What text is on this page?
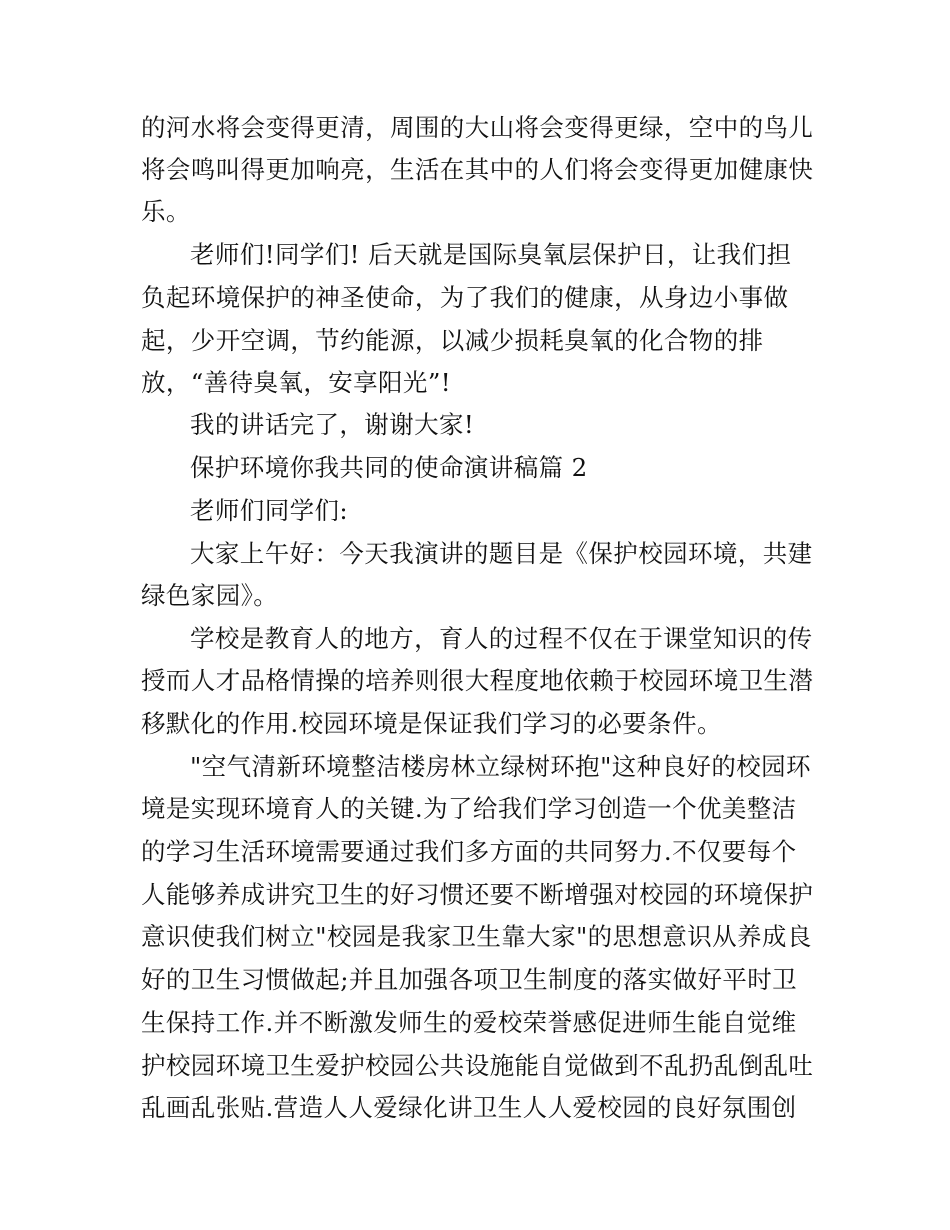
的河水将会变得更清，周围的大山将会变得更绿，空中的鸟儿
将会鸣叫得更加响亮，生活在其中的人们将会变得更加健康快
乐。
老师们!同学们! 后天就是国际臭氧层保护日，让我们担
负起环境保护的神圣使命，为了我们的健康，从身边小事做
起，少开空调，节约能源，以减少损耗臭氧的化合物的排
放，“善待臭氧，安享阳光”!
我的讲话完了，谢谢大家!
保护环境你我共同的使命演讲稿篇 2
老师们同学们:
大家上午好：今天我演讲的题目是《保护校园环境，共建
绿色家园》。
学校是教育人的地方，育人的过程不仅在于课堂知识的传
授而人才品格情操的培养则很大程度地依赖于校园环境卫生潜
移默化的作用.校园环境是保证我们学习的必要条件。
"空气清新环境整洁楼房林立绿树环抱"这种良好的校园环
境是实现环境育人的关键.为了给我们学习创造一个优美整洁
的学习生活环境需要通过我们多方面的共同努力.不仅要每个
人能够养成讲究卫生的好习惯还要不断增强对校园的环境保护
意识使我们树立"校园是我家卫生靠大家"的思想意识从养成良
好的卫生习惯做起;并且加强各项卫生制度的落实做好平时卫
生保持工作.并不断激发师生的爱校荣誉感促进师生能自觉维
护校园环境卫生爱护校园公共设施能自觉做到不乱扔乱倒乱吐
乱画乱张贴.营造人人爱绿化讲卫生人人爱校园的良好氛围创
